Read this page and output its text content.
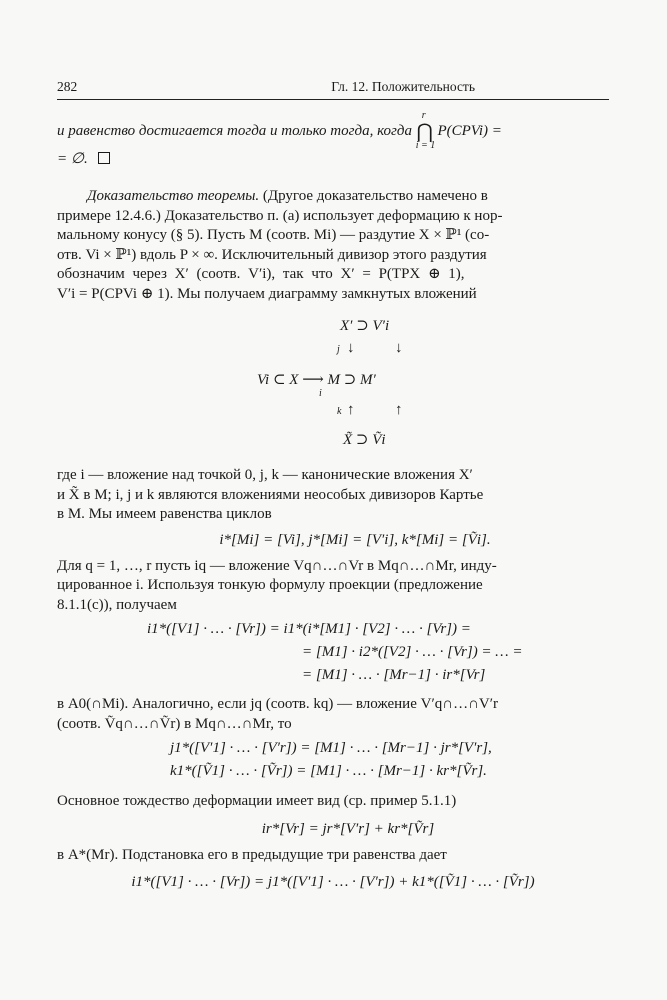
282	Гл. 12. Положительность

и равенство достигается тогда и только тогда, когда
r
⋂
i = 1
P(CPVi) =

= ∅.

Доказательство теоремы. (Другое доказательство намечено в

примере 12.4.6.) Доказательство п. (а) использует деформацию к нор-

мальному конусу (§ 5). Пусть M (соотв. Mi) — раздутие X × ℙ¹ (со-

отв. Vi × ℙ¹) вдоль P × ∞. Исключительный дивизор этого раздутия

обозначим через X′ (соотв. V′i), так что X′ = P(TPX ⊕ 1),

V′i = P(CPVi ⊕ 1). Мы получаем диаграмму замкнутых вложений

X′ ⊃ V′i
j ↓	↓
Vi ⊂ X ⟶ M ⊃ M′
i
k ↑	↑
X̃ ⊃ Ṽi

где i — вложение над точкой 0, j, k — канонические вложения X′

и X̃ в M; i, j и k являются вложениями неособых дивизоров Картье

в M. Мы имеем равенства циклов

i*[Mi] = [Vi], j*[Mi] = [V′i], k*[Mi] = [Ṽi].

Для q = 1, …, r пусть iq — вложение Vq∩…∩Vr в Mq∩…∩Mr, инду-

цированное i. Используя тонкую формулу проекции (предложение

8.1.1(c)), получаем

i1*([V1] · … · [Vr]) = i1*(i*[M1] · [V2] · … · [Vr]) =
= [M1] · i2*([V2] · … · [Vr]) = … =
= [M1] · … · [Mr−1] · ir*[Vr]

в A0(∩Mi). Аналогично, если jq (соотв. kq) — вложение V′q∩…∩V′r

(соотв. Ṽq∩…∩Ṽr) в Mq∩…∩Mr, то

j1*([V′1] · … · [V′r]) = [M1] · … · [Mr−1] · jr*[V′r],
k1*([Ṽ1] · … · [Ṽr]) = [M1] · … · [Mr−1] · kr*[Ṽr].

Основное тождество деформации имеет вид (ср. пример 5.1.1)

ir*[Vr] = jr*[V′r] + kr*[Ṽr]

в A*(Mr). Подстановка его в предыдущие три равенства дает

i1*([V1] · … · [Vr]) = j1*([V′1] · … · [V′r]) + k1*([Ṽ1] · … · [Ṽr])
